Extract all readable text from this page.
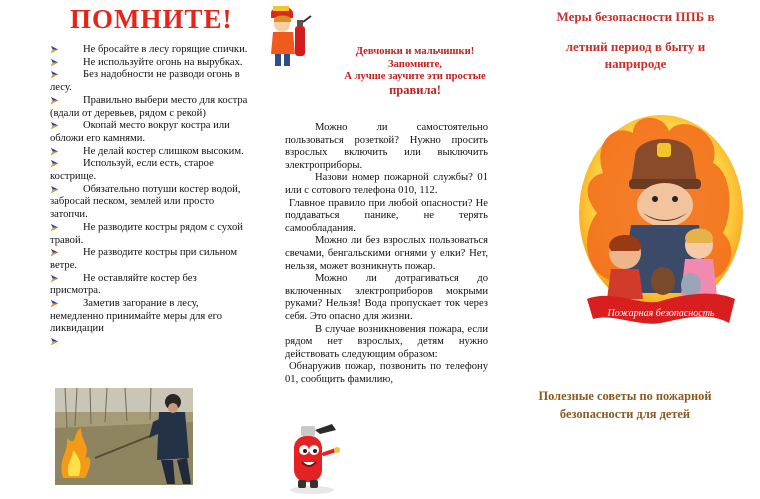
ПОМНИТЕ!
Не бросайте в лесу горящие спички.
Не используйте огонь на вырубках.
Без надобности не разводи огонь в лесу.
Правильно выбери место для костра (вдали от деревьев, рядом с рекой)
Окопай место вокруг костра или обложи его камнями.
Не делай костер слишком высоким.
Используй, если есть, старое кострище.
Обязательно потуши костер водой, забросай песком, землей или просто затопчи.
Не разводите костры рядом с сухой травой.
Не разводите костры при сильном ветре.
Не оставляйте костер без присмотра.
Заметив загорание в лесу, немедленно принимайте меры для его ликвидации
Девчонки и мальчишки!
Запомните,
А лучше заучите эти простые
правила!

Можно ли самостоятельно пользоваться розеткой? Нужно просить взрослых включить или выключить электроприборы.

Назови номер пожарной службы? 01 или с сотового телефона 010, 112.

Главное правило при любой опасности? Не поддаваться панике, не терять самообладания.

Можно ли без взрослых пользоваться свечами, бенгальскими огнями у елки? Нет, нельзя, может возникнуть пожар.

Можно ли дотрагиваться до включенных электроприборов мокрыми руками? Нельзя! Вода пропускает ток через себя. Это опасно для жизни.

В случае возникновения пожара, если рядом нет взрослых, детям нужно действовать следующим образом:

Обнаружив пожар, позвонить по телефону 01, сообщить фамилию,

Меры безопасности ППБ в
летний период в быту и
наприроде
Пожарная безопасность
Полезные советы по пожарной
безопасности для детей
